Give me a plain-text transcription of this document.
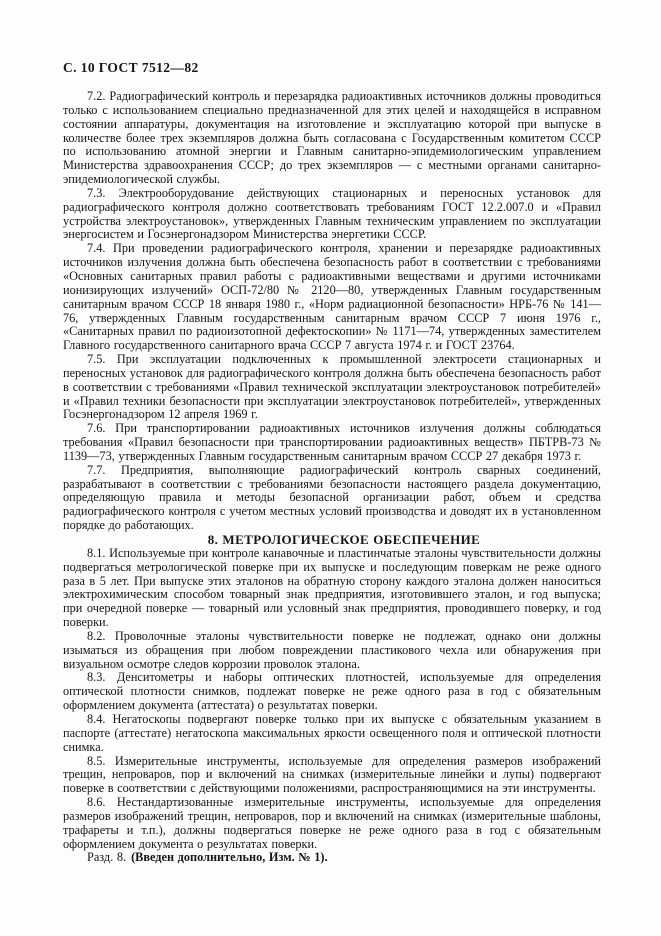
С. 10 ГОСТ 7512—82

7.2. Радиографический контроль и перезарядка радиоактивных источников должны проводиться только с использованием специально предназначенной для этих целей и находящейся в исправном состоянии аппаратуры, документация на изготовление и эксплуатацию которой при выпуске в количестве более трех экземпляров должна быть согласована с Государственным комитетом СССР по использованию атомной энергии и Главным санитарно-эпидемиологическим управлением Министерства здравоохранения СССР; до трех экземпляров — с местными органами санитарно-эпидемиологической службы.

7.3. Электрооборудование действующих стационарных и переносных установок для радиографического контроля должно соответствовать требованиям ГОСТ 12.2.007.0 и «Правил устройства электроустановок», утвержденных Главным техническим управлением по эксплуатации энергосистем и Госэнергонадзором Министерства энергетики СССР.

7.4. При проведении радиографического контроля, хранении и перезарядке радиоактивных источников излучения должна быть обеспечена безопасность работ в соответствии с требованиями «Основных санитарных правил работы с радиоактивными веществами и другими источниками ионизирующих излучений» ОСП-72/80 № 2120—80, утвержденных Главным государственным санитарным врачом СССР 18 января 1980 г., «Норм радиационной безопасности» НРБ-76 № 141—76, утвержденных Главным государственным санитарным врачом СССР 7 июня 1976 г., «Санитарных правил по радиоизотопной дефектоскопии» № 1171—74, утвержденных заместителем Главного государственного санитарного врача СССР 7 августа 1974 г. и ГОСТ 23764.

7.5. При эксплуатации подключенных к промышленной электросети стационарных и переносных установок для радиографического контроля должна быть обеспечена безопасность работ в соответствии с требованиями «Правил технической эксплуатации электроустановок потребителей» и «Правил техники безопасности при эксплуатации электроустановок потребителей», утвержденных Госэнергонадзором 12 апреля 1969 г.

7.6. При транспортировании радиоактивных источников излучения должны соблюдаться требования «Правил безопасности при транспортировании радиоактивных веществ» ПБТРВ-73 № 1139—73, утвержденных Главным государственным санитарным врачом СССР 27 декабря 1973 г.

7.7. Предприятия, выполняющие радиографический контроль сварных соединений, разрабатывают в соответствии с требованиями безопасности настоящего раздела документацию, определяющую правила и методы безопасной организации работ, объем и средства радиографического контроля с учетом местных условий производства и доводят их в установленном порядке до работающих.

8. МЕТРОЛОГИЧЕСКОЕ ОБЕСПЕЧЕНИЕ

8.1. Используемые при контроле канавочные и пластинчатые эталоны чувствительности должны подвергаться метрологической поверке при их выпуске и последующим поверкам не реже одного раза в 5 лет. При выпуске этих эталонов на обратную сторону каждого эталона должен наноситься электрохимическим способом товарный знак предприятия, изготовившего эталон, и год выпуска; при очередной поверке — товарный или условный знак предприятия, проводившего поверку, и год поверки.

8.2. Проволочные эталоны чувствительности поверке не подлежат, однако они должны изыматься из обращения при любом повреждении пластикового чехла или обнаружения при визуальном осмотре следов коррозии проволок эталона.

8.3. Денситометры и наборы оптических плотностей, используемые для определения оптической плотности снимков, подлежат поверке не реже одного раза в год с обязательным оформлением документа (аттестата) о результатах поверки.

8.4. Негатоскопы подвергают поверке только при их выпуске с обязательным указанием в паспорте (аттестате) негатоскопа максимальных яркости освещенного поля и оптической плотности снимка.

8.5. Измерительные инструменты, используемые для определения размеров изображений трещин, непроваров, пор и включений на снимках (измерительные линейки и лупы) подвергают поверке в соответствии с действующими положениями, распространяющимися на эти инструменты.

8.6. Нестандартизованные измерительные инструменты, используемые для определения размеров изображений трещин, непроваров, пор и включений на снимках (измерительные шаблоны, трафареты и т.п.), должны подвергаться поверке не реже одного раза в год с обязательным оформлением документа о результатах поверки.

Разд. 8. (Введен дополнительно, Изм. № 1).
